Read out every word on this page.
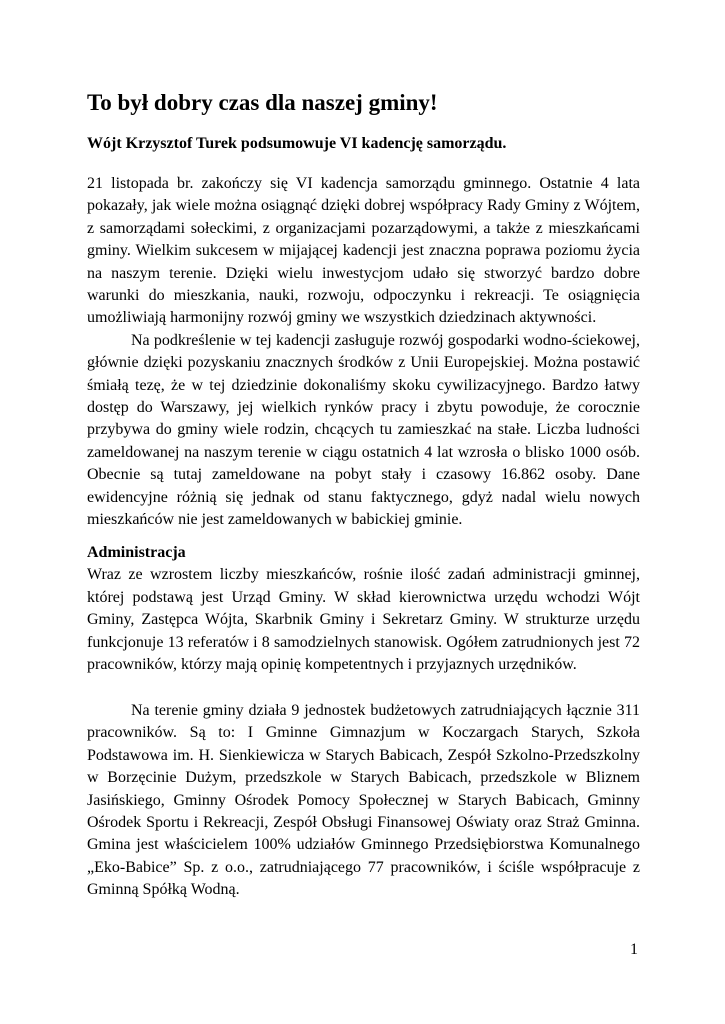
To był dobry czas dla naszej gminy!
Wójt Krzysztof Turek podsumowuje VI kadencję samorządu.

21 listopada br. zakończy się VI kadencja samorządu gminnego. Ostatnie 4 lata pokazały, jak wiele można osiągnąć dzięki dobrej współpracy Rady Gminy z Wójtem, z samorządami sołeckimi, z organizacjami pozarządowymi, a także z mieszkańcami gminy. Wielkim sukcesem w mijającej kadencji jest znaczna poprawa poziomu życia na naszym terenie. Dzięki wielu inwestycjom udało się stworzyć bardzo dobre warunki do mieszkania, nauki, rozwoju, odpoczynku i rekreacji. Te osiągnięcia umożliwiają harmonijny rozwój gminy we wszystkich dziedzinach aktywności.

Na podkreślenie w tej kadencji zasługuje rozwój gospodarki wodno-ściekowej, głównie dzięki pozyskaniu znacznych środków z Unii Europejskiej. Można postawić śmiałą tezę, że w tej dziedzinie dokonaliśmy skoku cywilizacyjnego. Bardzo łatwy dostęp do Warszawy, jej wielkich rynków pracy i zbytu powoduje, że corocznie przybywa do gminy wiele rodzin, chcących tu zamieszkać na stałe. Liczba ludności zameldowanej na naszym terenie w ciągu ostatnich 4 lat wzrosła o blisko 1000 osób. Obecnie są tutaj zameldowane na pobyt stały i czasowy 16.862 osoby. Dane ewidencyjne różnią się jednak od stanu faktycznego, gdyż nadal wielu nowych mieszkańców nie jest zameldowanych w babickiej gminie.

Administracja

Wraz ze wzrostem liczby mieszkańców, rośnie ilość zadań administracji gminnej, której podstawą jest Urząd Gminy. W skład kierownictwa urzędu wchodzi Wójt Gminy, Zastępca Wójta, Skarbnik Gminy i Sekretarz Gminy. W strukturze urzędu funkcjonuje 13 referatów i 8 samodzielnych stanowisk. Ogółem zatrudnionych jest 72 pracowników, którzy mają opinię kompetentnych i przyjaznych urzędników.

Na terenie gminy działa 9 jednostek budżetowych zatrudniających łącznie 311 pracowników. Są to: I Gminne Gimnazjum w Koczargach Starych, Szkoła Podstawowa im. H. Sienkiewicza w Starych Babicach, Zespół Szkolno-Przedszkolny w Borzęcinie Dużym, przedszkole w Starych Babicach, przedszkole w Bliznem Jasińskiego, Gminny Ośrodek Pomocy Społecznej w Starych Babicach, Gminny Ośrodek Sportu i Rekreacji, Zespół Obsługi Finansowej Oświaty oraz Straż Gminna. Gmina jest właścicielem 100% udziałów Gminnego Przedsiębiorstwa Komunalnego „Eko-Babice” Sp. z o.o., zatrudniającego 77 pracowników, i ściśle współpracuje z Gminną Spółką Wodną.

1
